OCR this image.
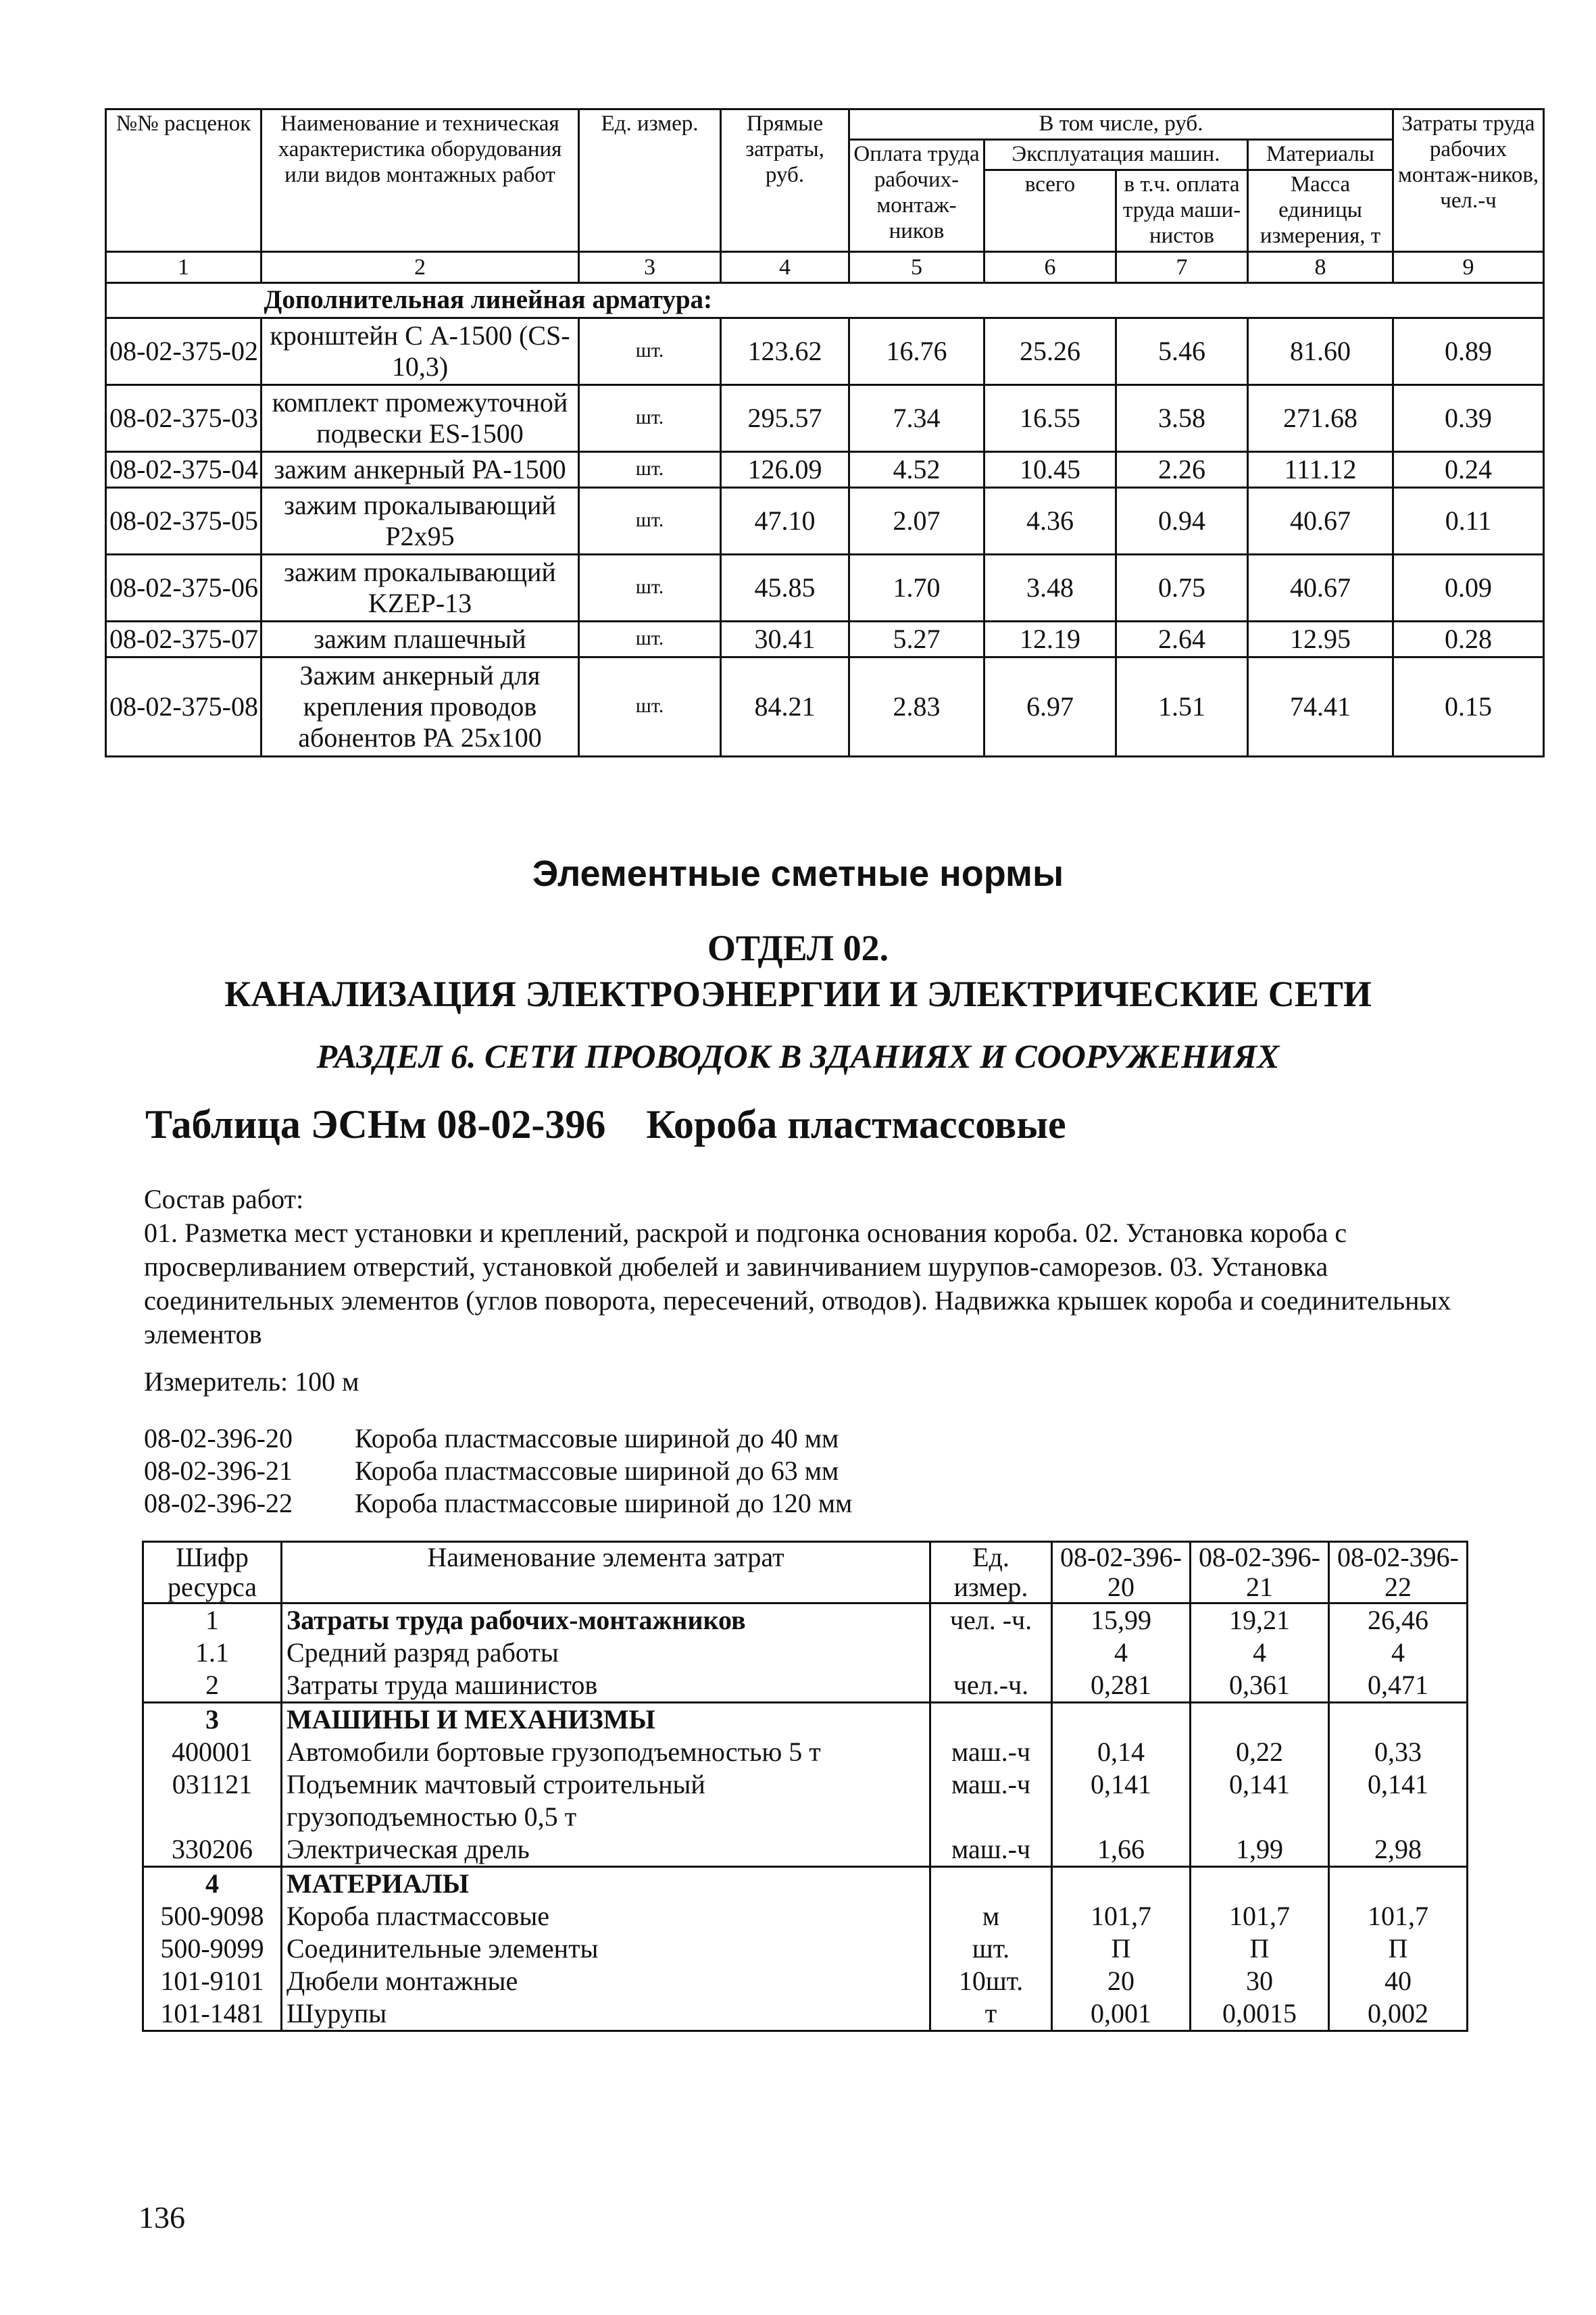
№№ расценок	Наименование и техническая характеристика оборудования или видов монтажных работ	Ед. измер.	Прямые затраты, руб.	В том числе, руб.				Затраты труда рабочих монтаж-ников, чел.-ч
				Оплата труда рабочих-монтаж-ников	Эксплуатация машин.		Материалы	
					всего	в т.ч. оплата труда маши-нистов	Масса единицы измерения, т	
1	2	3	4	5	6	7	8	9
	Дополнительная линейная арматура:							
08-02-375-02	кронштейн С А-1500 (CS-10,3)	шт.	123.62	16.76	25.26	5.46	81.60	0.89
08-02-375-03	комплект промежуточной подвески ES-1500	шт.	295.57	7.34	16.55	3.58	271.68	0.39
08-02-375-04	зажим анкерный РА-1500	шт.	126.09	4.52	10.45	2.26	111.12	0.24
08-02-375-05	зажим прокалывающий P2x95	шт.	47.10	2.07	4.36	0.94	40.67	0.11
08-02-375-06	зажим прокалывающий KZEP-13	шт.	45.85	1.70	3.48	0.75	40.67	0.09
08-02-375-07	зажим плашечный	шт.	30.41	5.27	12.19	2.64	12.95	0.28
08-02-375-08	Зажим анкерный для крепления проводов абонентов РА 25x100	шт.	84.21	2.83	6.97	1.51	74.41	0.15
Элементные сметные нормы
ОТДЕЛ 02.
КАНАЛИЗАЦИЯ ЭЛЕКТРОЭНЕРГИИ И ЭЛЕКТРИЧЕСКИЕ СЕТИ
РАЗДЕЛ 6. СЕТИ ПРОВОДОК В ЗДАНИЯХ И СООРУЖЕНИЯХ
Таблица ЭСНм 08-02-396 Короба пластмассовые
Состав работ:
01. Разметка мест установки и креплений, раскрой и подгонка основания короба. 02. Установка короба с просверливанием отверстий, установкой дюбелей и завинчиванием шурупов-саморезов. 03. Установка соединительных элементов (углов поворота, пересечений, отводов). Надвижка крышек короба и соединительных элементов
Измеритель: 100 м
08-02-396-20	Короба пластмассовые шириной до 40 мм
08-02-396-21	Короба пластмассовые шириной до 63 мм
08-02-396-22	Короба пластмассовые шириной до 120 мм
Шифр	Наименование элемента затрат	Ед.	08-02-396-	08-02-396-	08-02-396-
ресурса		измер.	20	21	22
1	Затраты труда рабочих-монтажников	чел. -ч.	15,99	19,21	26,46
1.1	Средний разряд работы		4	4	4
2	Затраты труда машинистов	чел.-ч.	0,281	0,361	0,471
3	МАШИНЫ И МЕХАНИЗМЫ				
400001	Автомобили бортовые грузоподъемностью 5 т	маш.-ч	0,14	0,22	0,33
031121	Подъемник мачтовый строительный грузоподъемностью 0,5 т	маш.-ч	0,141	0,141	0,141
330206	Электрическая дрель	маш.-ч	1,66	1,99	2,98
4	МАТЕРИАЛЫ				
500-9098	Короба пластмассовые	м	101,7	101,7	101,7
500-9099	Соединительные элементы	шт.	П	П	П
101-9101	Дюбели монтажные	10шт.	20	30	40
101-1481	Шурупы	т	0,001	0,0015	0,002
136
